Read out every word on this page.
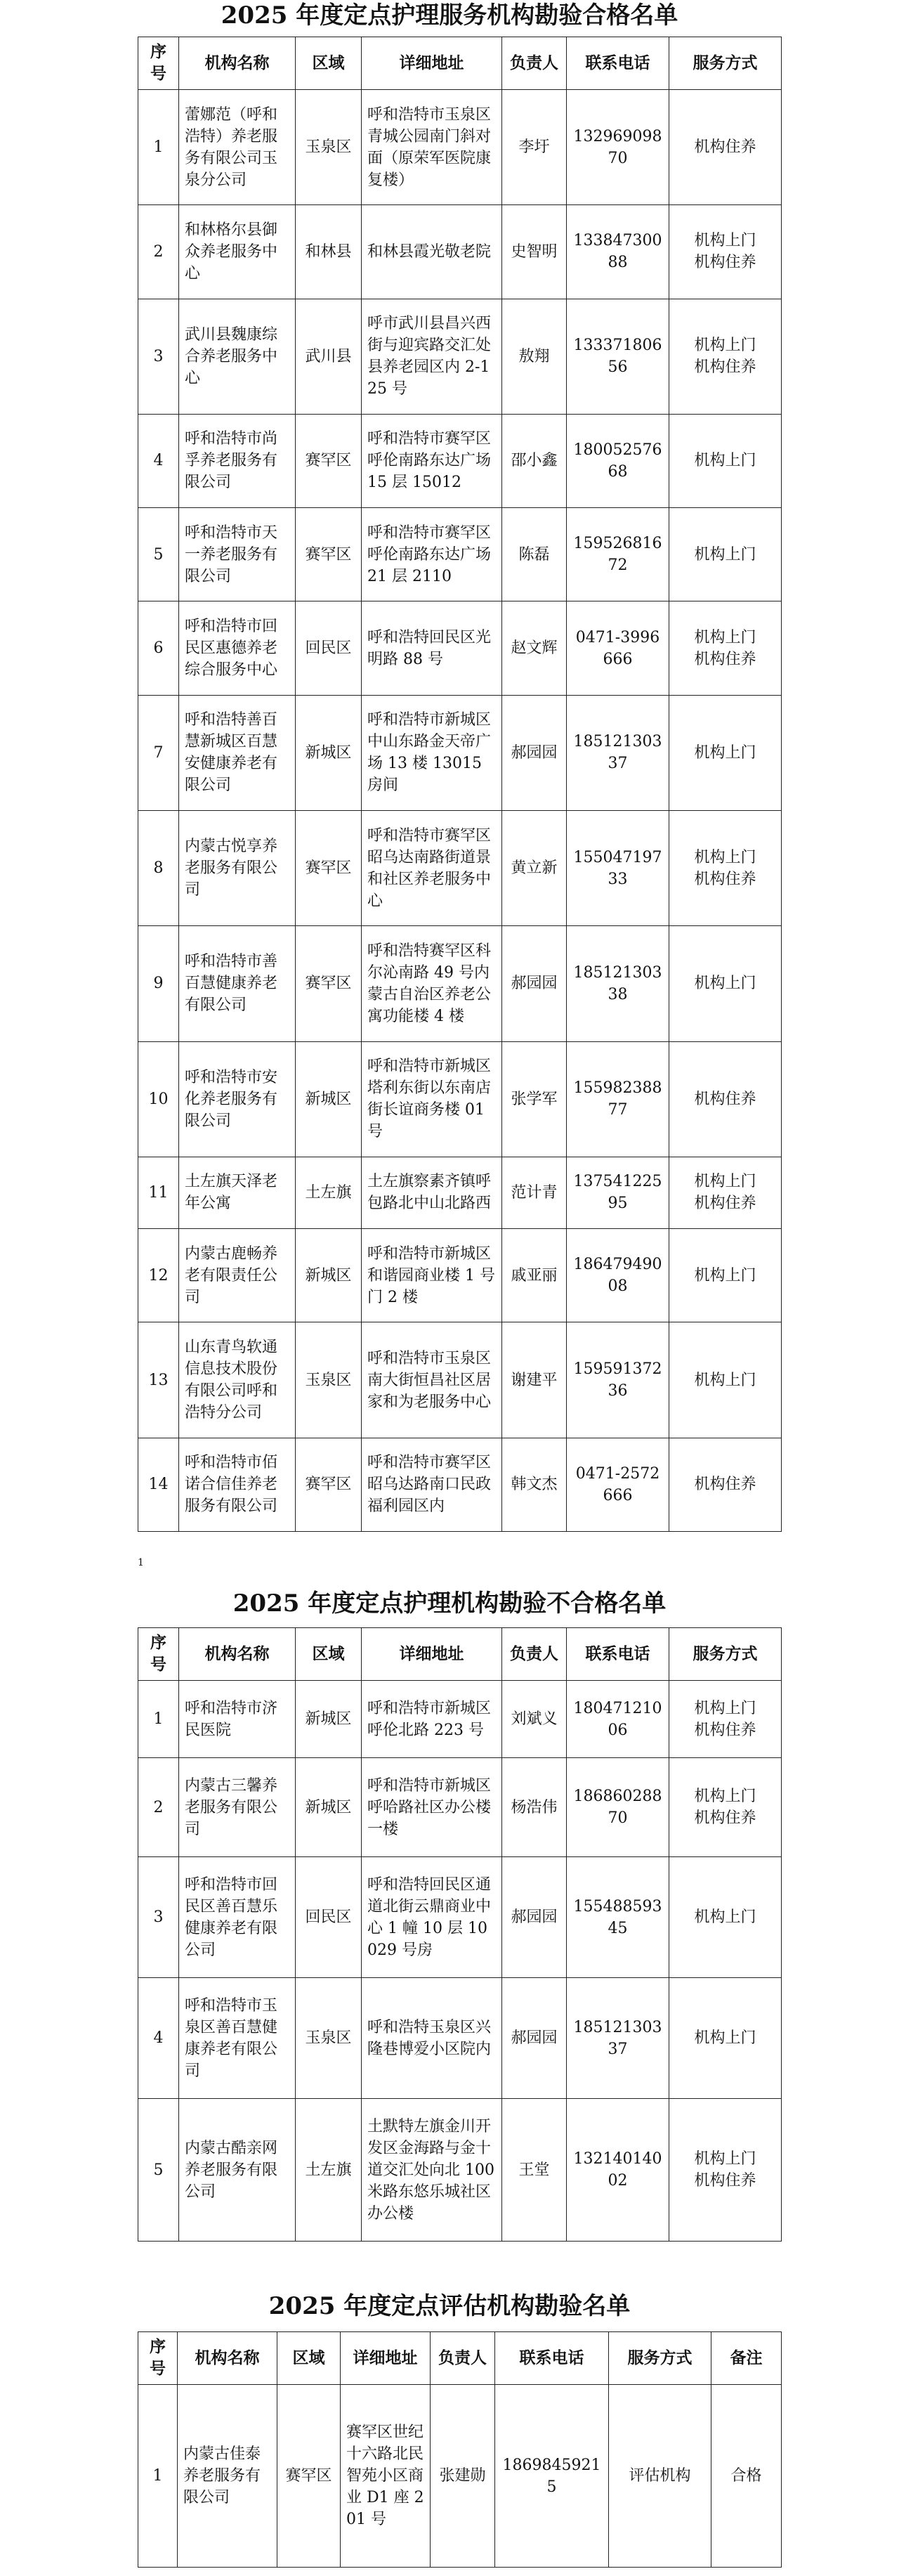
2025 年度定点护理服务机构勘验合格名单
序号	机构名称	区域	详细地址	负责人	联系电话	服务方式
1	蕾娜范（呼和浩特）养老服务有限公司玉泉分公司	玉泉区	呼和浩特市玉泉区青城公园南门斜对面（原荣军医院康复楼）	李圩	13296909870	机构住养
2	和林格尔县御众养老服务中心	和林县	和林县霞光敬老院	史智明	13384730088	机构上门
机构住养
3	武川县魏康综合养老服务中心	武川县	呼市武川县昌兴西街与迎宾路交汇处县养老园区内 2-125 号	敖翔	13337180656	机构上门
机构住养
4	呼和浩特市尚孚养老服务有限公司	赛罕区	呼和浩特市赛罕区呼伦南路东达广场 15 层 15012	邵小鑫	18005257668	机构上门
5	呼和浩特市天一养老服务有限公司	赛罕区	呼和浩特市赛罕区呼伦南路东达广场 21 层 2110	陈磊	15952681672	机构上门
6	呼和浩特市回民区惠德养老综合服务中心	回民区	呼和浩特回民区光明路 88 号	赵文辉	0471-3996666	机构上门
机构住养
7	呼和浩特善百慧新城区百慧安健康养老有限公司	新城区	呼和浩特市新城区中山东路金天帝广场 13 楼 13015 房间	郝园园	18512130337	机构上门
8	内蒙古悦享养老服务有限公司	赛罕区	呼和浩特市赛罕区昭乌达南路街道景和社区养老服务中心	黄立新	15504719733	机构上门
机构住养
9	呼和浩特市善百慧健康养老有限公司	赛罕区	呼和浩特赛罕区科尔沁南路 49 号内蒙古自治区养老公寓功能楼 4 楼	郝园园	18512130338	机构上门
10	呼和浩特市安化养老服务有限公司	新城区	呼和浩特市新城区塔利东街以东南店街长谊商务楼 01 号	张学军	15598238877	机构住养
11	土左旗天泽老年公寓	土左旗	土左旗察素齐镇呼包路北中山北路西	范计青	13754122595	机构上门
机构住养
12	内蒙古鹿畅养老有限责任公司	新城区	呼和浩特市新城区和谐园商业楼 1 号门 2 楼	戚亚丽	18647949008	机构上门
13	山东青鸟软通信息技术股份有限公司呼和浩特分公司	玉泉区	呼和浩特市玉泉区南大街恒昌社区居家和为老服务中心	谢建平	15959137236	机构上门
14	呼和浩特市佰诺合信佳养老服务有限公司	赛罕区	呼和浩特市赛罕区昭乌达路南口民政福利园区内	韩文杰	0471-2572666	机构住养
1
2025 年度定点护理机构勘验不合格名单
序号	机构名称	区域	详细地址	负责人	联系电话	服务方式
1	呼和浩特市济民医院	新城区	呼和浩特市新城区呼伦北路 223 号	刘斌义	18047121006	机构上门
机构住养
2	内蒙古三馨养老服务有限公司	新城区	呼和浩特市新城区呼哈路社区办公楼一楼	杨浩伟	18686028870	机构上门
机构住养
3	呼和浩特市回民区善百慧乐健康养老有限公司	回民区	呼和浩特回民区通道北街云鼎商业中心 1 幢 10 层 10029 号房	郝园园	15548859345	机构上门
4	呼和浩特市玉泉区善百慧健康养老有限公司	玉泉区	呼和浩特玉泉区兴隆巷博爱小区院内	郝园园	18512130337	机构上门
5	内蒙古酷亲网养老服务有限公司	土左旗	土默特左旗金川开发区金海路与金十道交汇处向北 100 米路东悠乐城社区办公楼	王堂	13214014002	机构上门
机构住养
2025 年度定点评估机构勘验名单
序号	机构名称	区域	详细地址	负责人	联系电话	服务方式	备注
1	内蒙古佳泰养老服务有限公司	赛罕区	赛罕区世纪十六路北民智苑小区商业 D1 座 201 号	张建勋	18698459215	评估机构	合格
